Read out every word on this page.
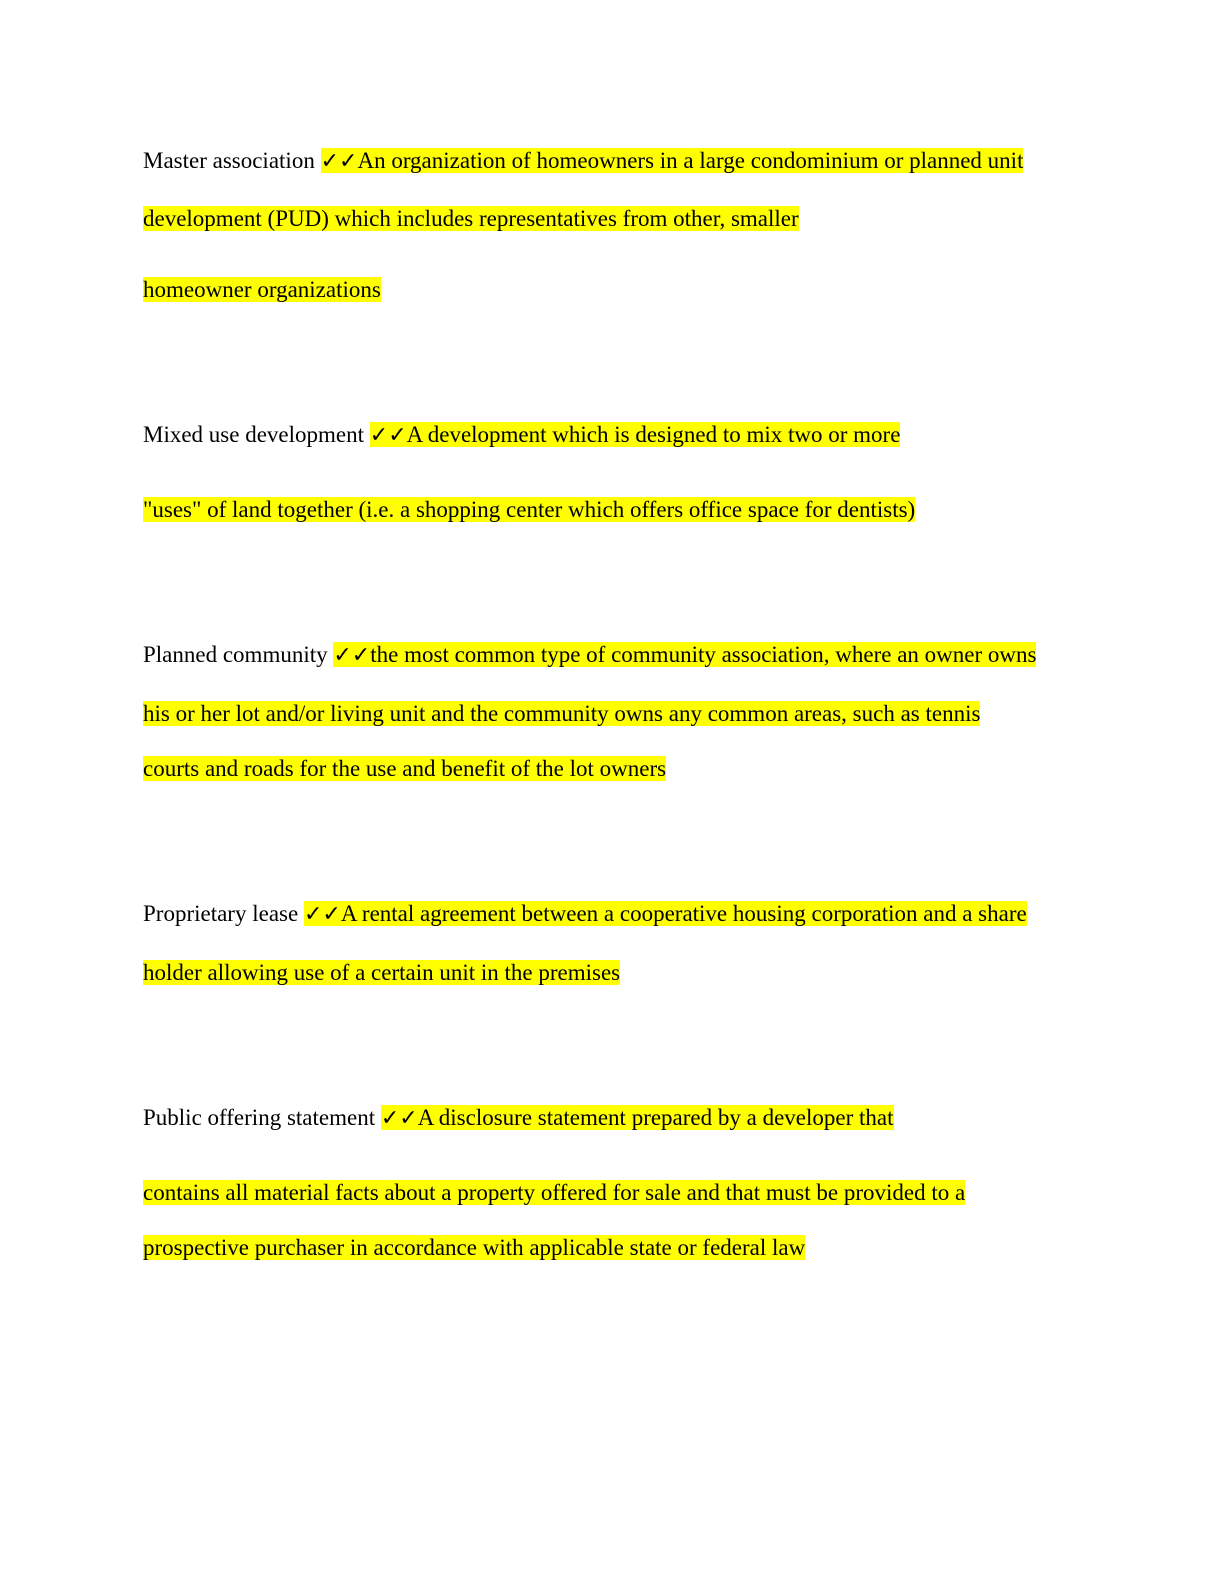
Master association ✓✓An organization of homeowners in a large condominium or planned unit
development (PUD) which includes representatives from other, smaller
homeowner organizations
Mixed use development ✓✓A development which is designed to mix two or more
"uses" of land together (i.e. a shopping center which offers office space for dentists)
Planned community ✓✓the most common type of community association, where an owner owns
his or her lot and/or living unit and the community owns any common areas, such as tennis
courts and roads for the use and benefit of the lot owners
Proprietary lease ✓✓A rental agreement between a cooperative housing corporation and a share
holder allowing use of a certain unit in the premises
Public offering statement ✓✓A disclosure statement prepared by a developer that
contains all material facts about a property offered for sale and that must be provided to a
prospective purchaser in accordance with applicable state or federal law
